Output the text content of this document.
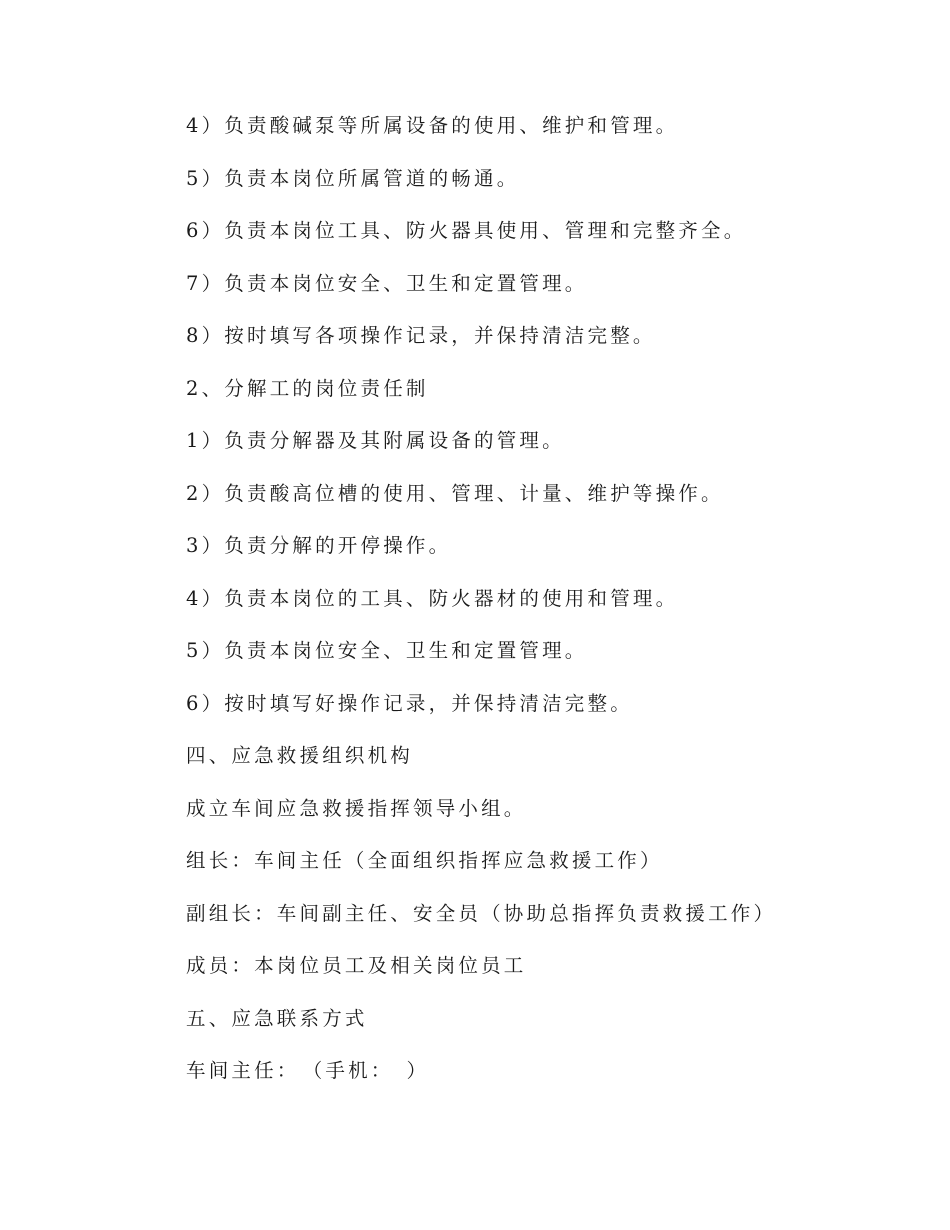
4）负责酸碱泵等所属设备的使用、维护和管理。
5）负责本岗位所属管道的畅通。
6）负责本岗位工具、防火器具使用、管理和完整齐全。
7）负责本岗位安全、卫生和定置管理。
8）按时填写各项操作记录，并保持清洁完整。
2、分解工的岗位责任制
1）负责分解器及其附属设备的管理。
2）负责酸高位槽的使用、管理、计量、维护等操作。
3）负责分解的开停操作。
4）负责本岗位的工具、防火器材的使用和管理。
5）负责本岗位安全、卫生和定置管理。
6）按时填写好操作记录，并保持清洁完整。
四、应急救援组织机构
成立车间应急救援指挥领导小组。
组长：车间主任（全面组织指挥应急救援工作）
副组长：车间副主任、安全员（协助总指挥负责救援工作）
成员：本岗位员工及相关岗位员工
五、应急联系方式
车间主任：　（手机：　）
